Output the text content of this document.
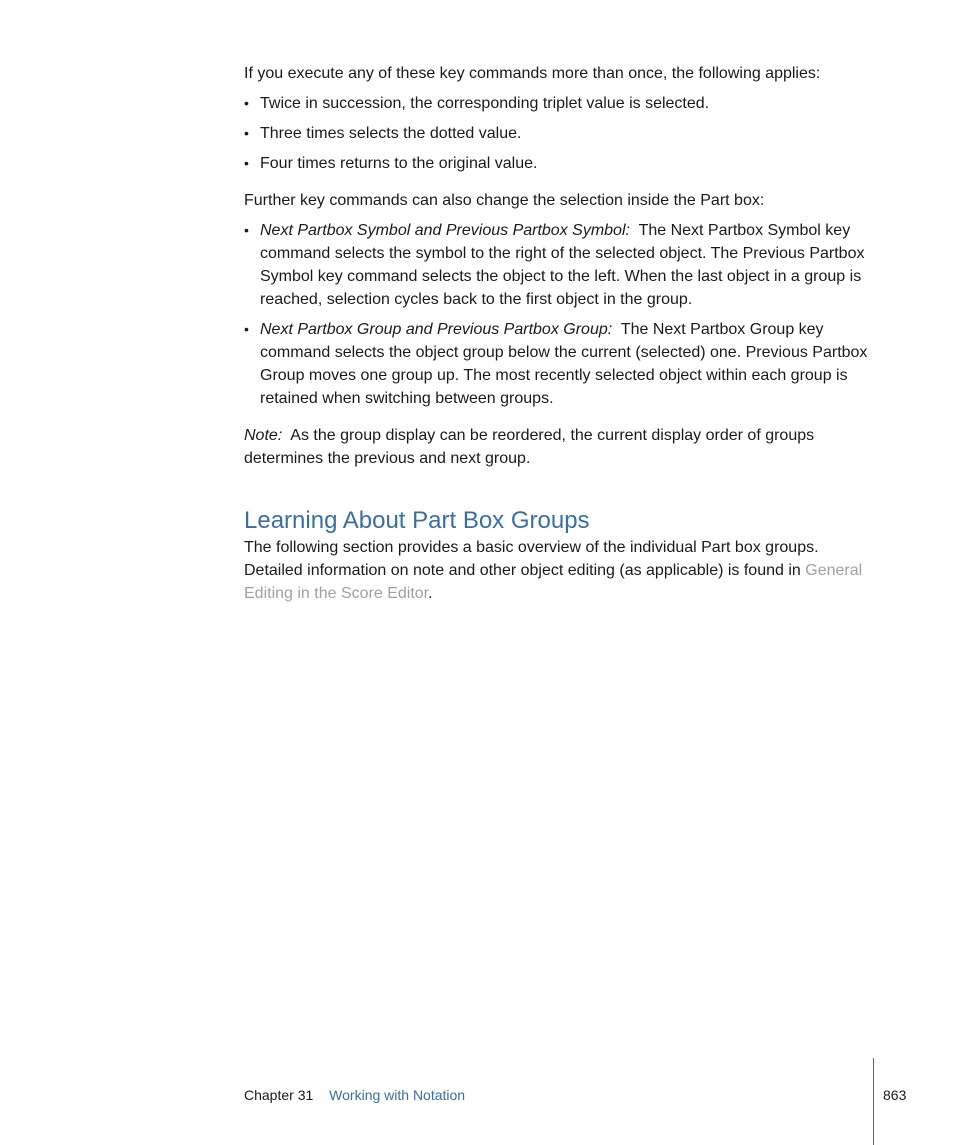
If you execute any of these key commands more than once, the following applies:

• Twice in succession, the corresponding triplet value is selected.
• Three times selects the dotted value.
• Four times returns to the original value.

Further key commands can also change the selection inside the Part box:

• Next Partbox Symbol and Previous Partbox Symbol: The Next Partbox Symbol key command selects the symbol to the right of the selected object. The Previous Partbox Symbol key command selects the object to the left. When the last object in a group is reached, selection cycles back to the first object in the group.
• Next Partbox Group and Previous Partbox Group: The Next Partbox Group key command selects the object group below the current (selected) one. Previous Partbox Group moves one group up. The most recently selected object within each group is retained when switching between groups.

Note: As the group display can be reordered, the current display order of groups determines the previous and next group.

Learning About Part Box Groups

The following section provides a basic overview of the individual Part box groups. Detailed information on note and other object editing (as applicable) is found in General Editing in the Score Editor.

Chapter 31 Working with Notation	863
